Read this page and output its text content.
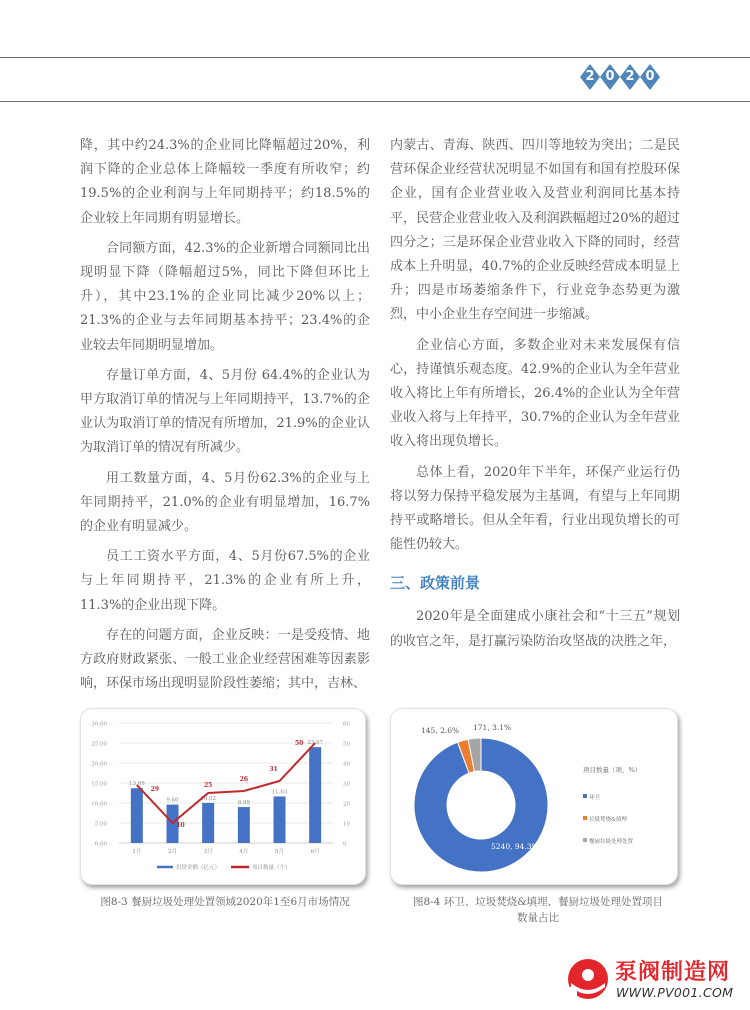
2 0 2 0

降，其中约24.3%的企业同比降幅超过20%，利润下降的企业总体上降幅较一季度有所收窄；约19.5%的企业利润与上年同期持平；约18.5%的企业较上年同期有明显增长。

合同额方面，42.3%的企业新增合同额同比出现明显下降（降幅超过5%，同比下降但环比上升），其中23.1%的企业同比减少20%以上；21.3%的企业与去年同期基本持平；23.4%的企业较去年同期明显增加。

存量订单方面，4、5月份 64.4%的企业认为甲方取消订单的情况与上年同期持平，13.7%的企业认为取消订单的情况有所增加，21.9%的企业认为取消订单的情况有所减少。

用工数量方面，4、5月份62.3%的企业与上年同期持平，21.0%的企业有明显增加，16.7%的企业有明显减少。

员工工资水平方面，4、5月份67.5%的企业与上年同期持平，21.3%的企业有所上升，11.3%的企业出现下降。

存在的问题方面，企业反映：一是受疫情、地方政府财政紧张、一般工业企业经营困难等因素影响，环保市场出现明显阶段性萎缩；其中，吉林、

内蒙古、青海、陕西、四川等地较为突出；二是民营环保企业经营状况明显不如国有和国有控股环保企业，国有企业营业收入及营业利润同比基本持平，民营企业营业收入及利润跌幅超过20%的超过四分之；三是环保企业营业收入下降的同时，经营成本上升明显，40.7%的企业反映经营成本明显上升；四是市场萎缩条件下，行业竞争态势更为激烈，中小企业生存空间进一步缩减。

企业信心方面，多数企业对未来发展保有信心，持谨慎乐观态度。42.9%的企业认为全年营业收入将比上年有所增长，26.4%的企业认为全年营业收入将与上年持平，30.7%的企业认为全年营业收入将出现负增长。

总体上看，2020年下半年，环保产业运行仍将以努力保持平稳发展为主基调，有望与上年同期持平或略增长。但从全年看，行业出现负增长的可能性仍较大。

三、政策前景

2020年是全面建成小康社会和“十三五”规划的收官之年，是打赢污染防治攻坚战的决胜之年，

0.00
5.00
10.00
15.00
20.00
25.00
30.00
0
10
20
30
40
50
60
13.69
1月
9.60
2月
10.02
3月
8.99
4月
11.63
5月
23.97
6月
29
10
25
26
31
50
投资金额（亿元）	项目数量（个）
图8-3 餐厨垃圾处理处置领域2020年1至6月市场情况
5240, 94.3%
145, 2.6% 171, 3.1%
项目数量（项，%）
环卫
垃圾焚烧&填埋
餐厨垃圾处理处置
图8-4 环卫、垃圾焚烧&填埋、餐厨垃圾处理处置项目
数量占比
泵阀制造网
WWW.PV001.COM
